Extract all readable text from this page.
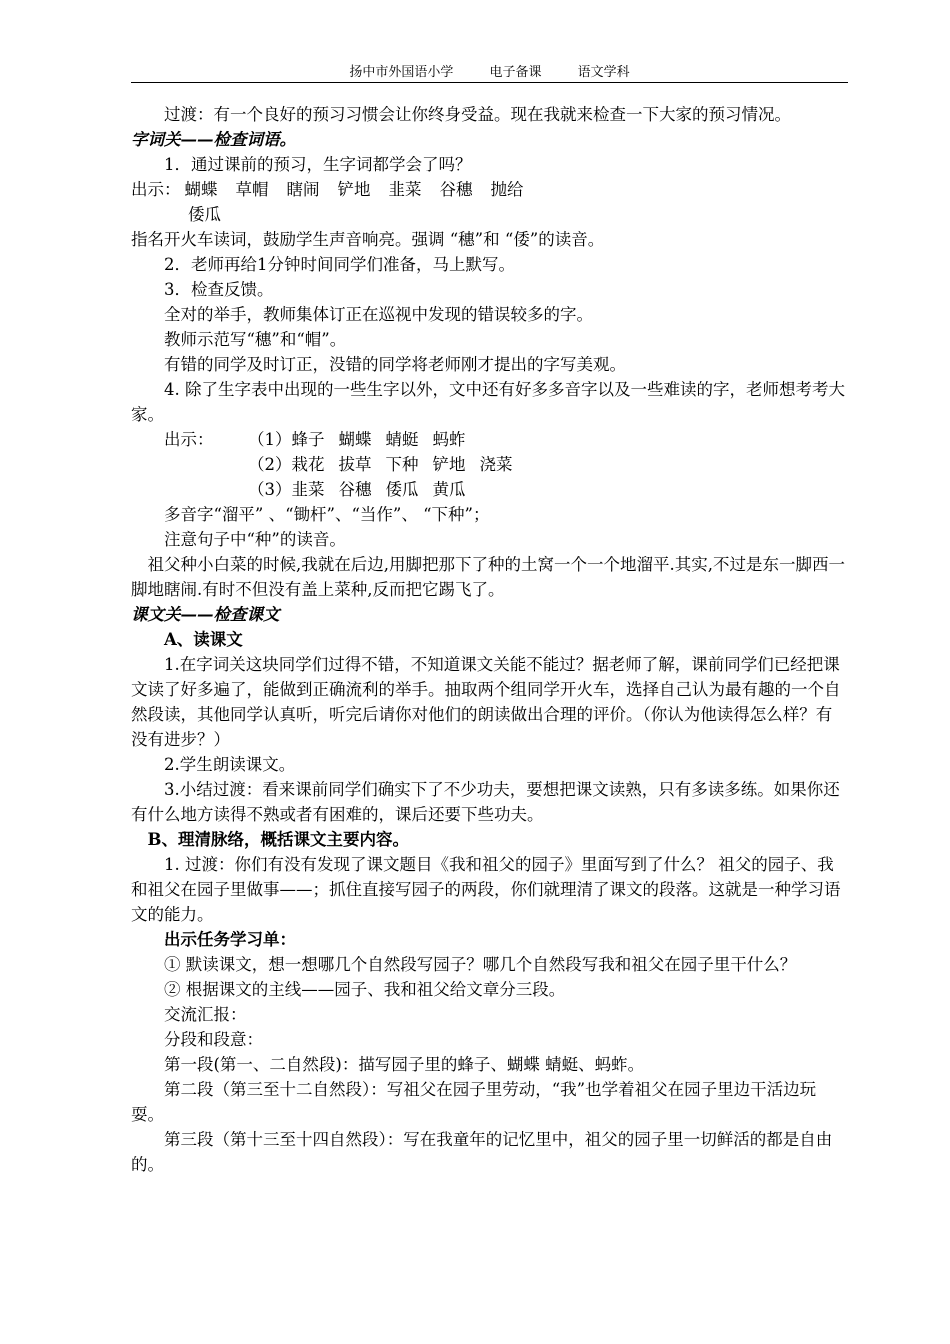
扬中市外国语小学	电子备课	语文学科

过渡：有一个良好的预习习惯会让你终身受益。现在我就来检查一下大家的预习情况。

字词关——检查词语。

1．通过课前的预习，生字词都学会了吗？

出示： 蝴蝶 草帽 瞎闹 铲地 韭菜 谷穗 抛给

倭瓜

指名开火车读词，鼓励学生声音响亮。强调 “穗”和 “倭”的读音。

2．老师再给1分钟时间同学们准备，马上默写。

3．检查反馈。

全对的举手，教师集体订正在巡视中发现的错误较多的字。

教师示范写“穗”和“帽”。

有错的同学及时订正，没错的同学将老师刚才提出的字写美观。

4. 除了生字表中出现的一些生字以外，文中还有好多多音字以及一些难读的字，老师想考考大家。

出示： （1）蜂子 蝴蝶 蜻蜓 蚂蚱
（2）栽花 拔草 下种 铲地 浇菜
（3）韭菜 谷穗 倭瓜 黄瓜

多音字“溜平” 、“锄杆”、“当作”、 “下种”；

注意句子中“种”的读音。

祖父种小白菜的时候,我就在后边,用脚把那下了种的土窝一个一个地溜平.其实,不过是东一脚西一脚地瞎闹.有时不但没有盖上菜种,反而把它踢飞了。

课文关——检查课文

A、读课文

1.在字词关这块同学们过得不错，不知道课文关能不能过？据老师了解，课前同学们已经把课文读了好多遍了，能做到正确流利的举手。抽取两个组同学开火车，选择自己认为最有趣的一个自然段读，其他同学认真听，听完后请你对他们的朗读做出合理的评价。（你认为他读得怎么样？有没有进步？）

2.学生朗读课文。

3.小结过渡：看来课前同学们确实下了不少功夫，要想把课文读熟，只有多读多练。如果你还有什么地方读得不熟或者有困难的，课后还要下些功夫。

B、理清脉络，概括课文主要内容。

1. 过渡：你们有没有发现了课文题目《我和祖父的园子》里面写到了什么？ 祖父的园子、我和祖父在园子里做事——；抓住直接写园子的两段，你们就理清了课文的段落。这就是一种学习语文的能力。

出示任务学习单：

① 默读课文，想一想哪几个自然段写园子？哪几个自然段写我和祖父在园子里干什么？

② 根据课文的主线——园子、我和祖父给文章分三段。

交流汇报：

分段和段意：

第一段(第一、二自然段)：描写园子里的蜂子、蝴蝶 蜻蜓、蚂蚱。

第二段（第三至十二自然段）：写祖父在园子里劳动，“我”也学着祖父在园子里边干活边玩耍。

第三段（第十三至十四自然段）：写在我童年的记忆里中，祖父的园子里一切鲜活的都是自由的。
